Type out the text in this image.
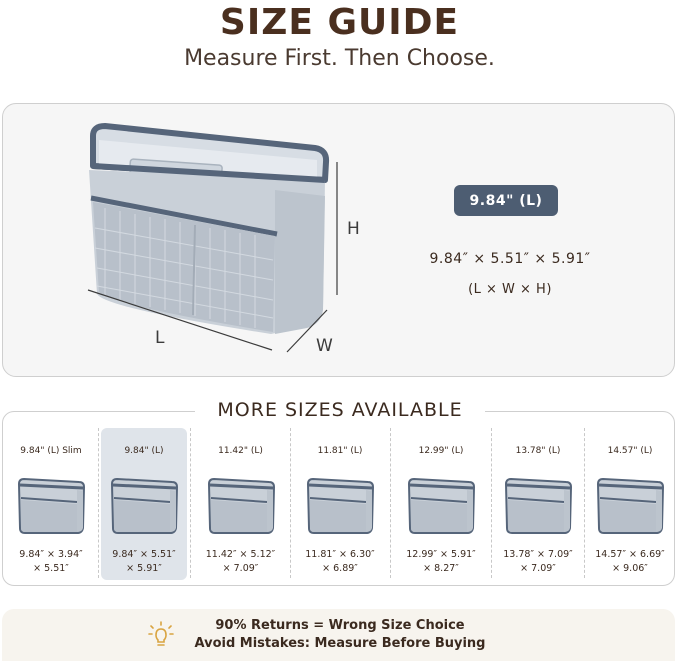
SIZE GUIDE
Measure First. Then Choose.
H
L	W
9.84" (L)
9.84″ × 5.51″ × 5.91″
(L × W × H)
MORE SIZES AVAILABLE
9.84" (L) Slim
9.84″ × 3.94″
× 5.51″
9.84" (L)
9.84″ × 5.51″
× 5.91″
11.42" (L)
11.42″ × 5.12″
× 7.09″
11.81" (L)
11.81″ × 6.30″
× 6.89″
12.99" (L)
12.99″ × 5.91″
× 8.27″
13.78" (L)
13.78″ × 7.09″
× 7.09″
14.57" (L)
14.57″ × 6.69″
× 9.06″
90% Returns = Wrong Size Choice
Avoid Mistakes: Measure Before Buying
